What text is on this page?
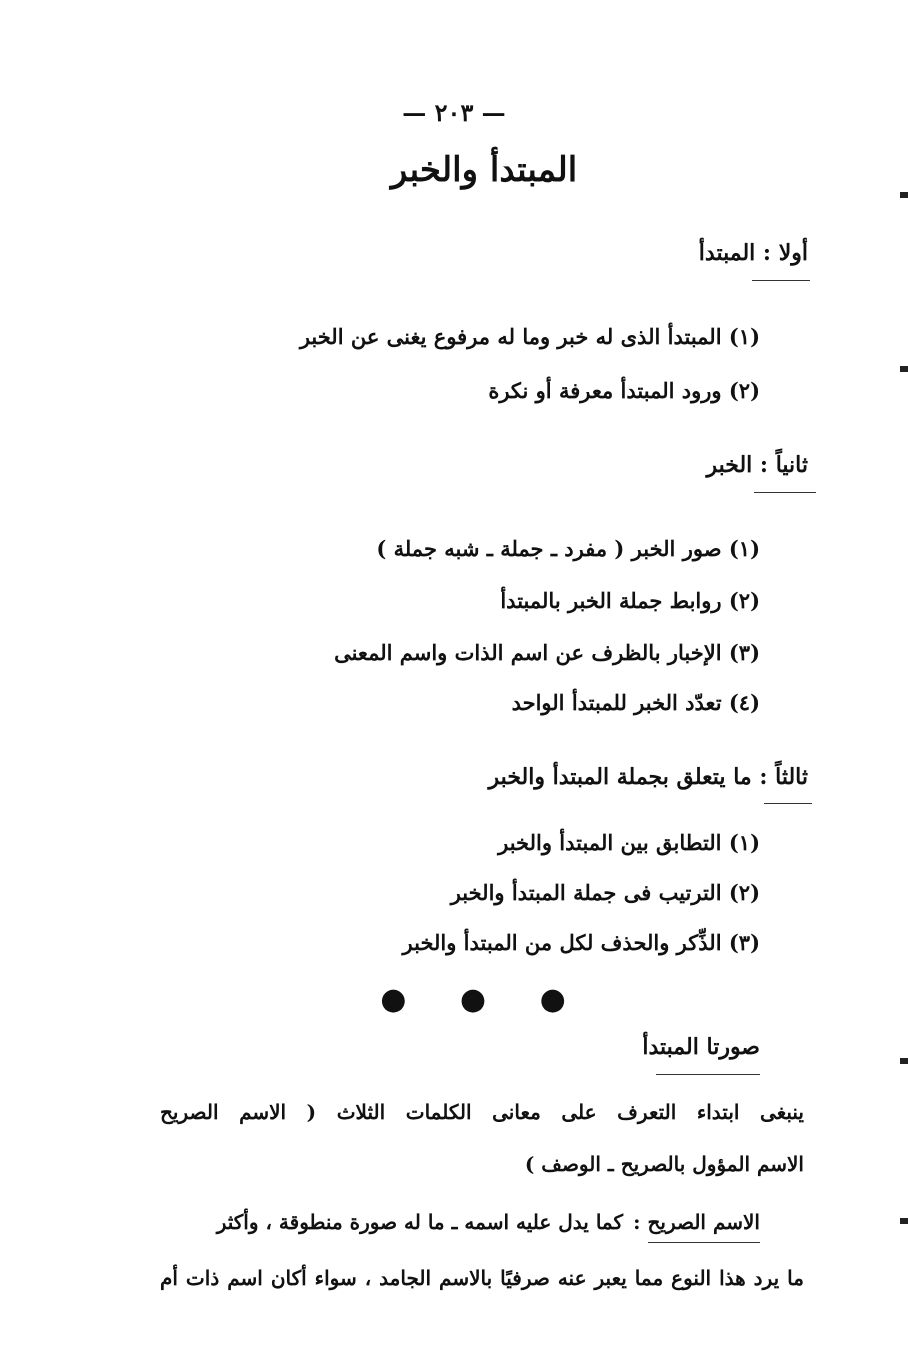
— ٢٠٣ —
المبتدأ والخبر
أولا : المبتدأ
(١) المبتدأ الذى له خبر وما له مرفوع يغنى عن الخبر
(٢) ورود المبتدأ معرفة أو نكرة
ثانياً : الخبر
(١) صور الخبر ( مفرد ـ جملة ـ شبه جملة )
(٢) روابط جملة الخبر بالمبتدأ
(٣) الإخبار بالظرف عن اسم الذات واسم المعنى
(٤) تعدّد الخبر للمبتدأ الواحد
ثالثاً : ما يتعلق بجملة المبتدأ والخبر
(١) التطابق بين المبتدأ والخبر
(٢) الترتيب فى جملة المبتدأ والخبر
(٣) الذِّكر والحذف لكل من المبتدأ والخبر
● ● ●
صورتا المبتدأ
ينبغى ابتداء التعرف على معانى الكلمات الثلاث ( الاسم الصريح
الاسم المؤول بالصريح ـ الوصف )
الاسم الصريح :
كما يدل عليه اسمه ـ ما له صورة منطوقة ، وأكثر
ما يرد هذا النوع مما يعبر عنه صرفيًا بالاسم الجامد ، سواء أكان اسم ذات أم
